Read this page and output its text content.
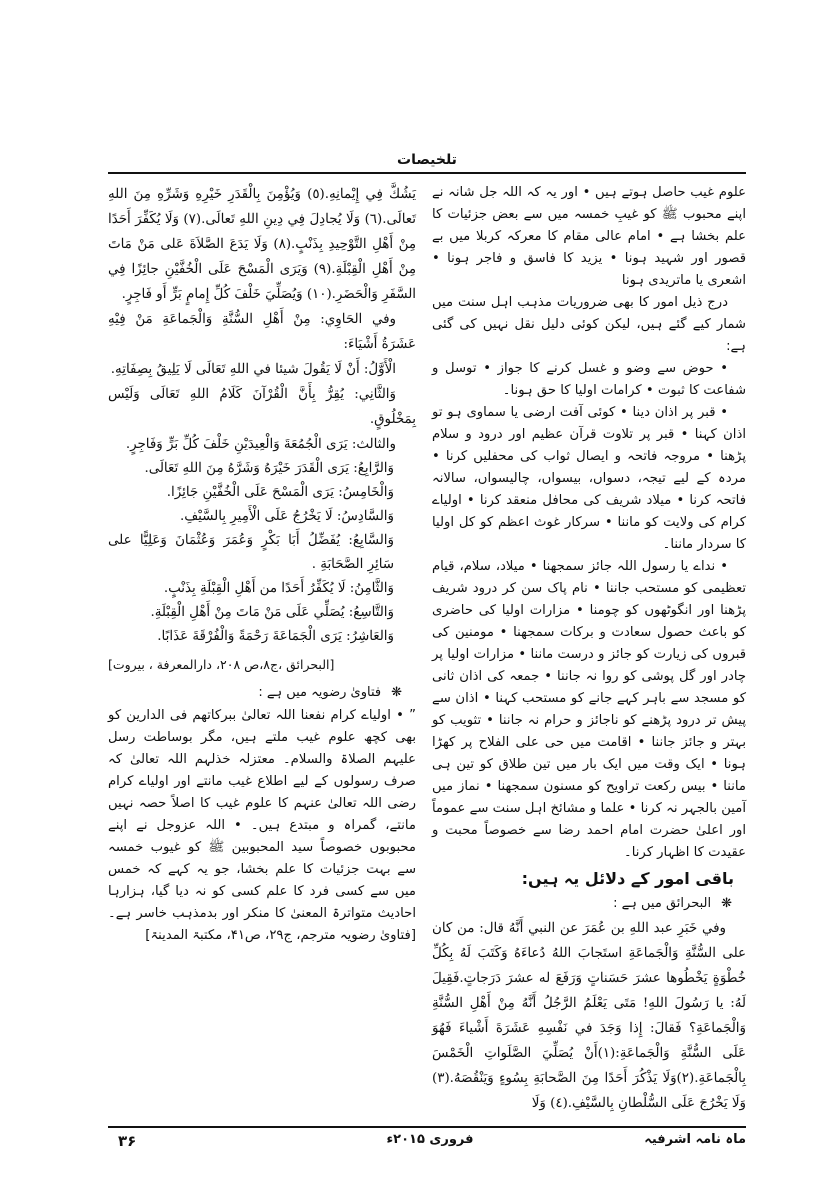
تلخیصات

علوم غیب حاصل ہوتے ہیں • اور یہ کہ اللہ جل شانہ نے اپنے محبوب ﷺ کو غیبِ خمسہ میں سے بعض جزئیات کا علم بخشا ہے • امام عالی مقام کا معرکہ کربلا میں بے قصور اور شہید ہونا • یزید کا فاسق و فاجر ہونا • اشعری یا ماتریدی ہونا

درج ذیل امور کا بھی ضروریات مذہب اہل سنت میں شمار کیے گئے ہیں، لیکن کوئی دلیل نقل نہیں کی گئی ہے:

• حوض سے وضو و غسل کرنے کا جواز • توسل و شفاعت کا ثبوت • کرامات اولیا کا حق ہونا۔

• قبر پر اذان دینا • کوئی آفت ارضی یا سماوی ہو تو اذان کہنا • قبر پر تلاوت قرآن عظیم اور درود و سلام پڑھنا • مروجہ فاتحہ و ایصال ثواب کی محفلیں کرنا • مردہ کے لیے تیجہ، دسواں، بیسواں، چالیسواں، سالانہ فاتحہ کرنا • میلاد شریف کی محافل منعقد کرنا • اولیاے کرام کی ولایت کو ماننا • سرکار غوث اعظم کو کل اولیا کا سردار ماننا۔

• نداے یا رسول اللہ جائز سمجھنا • میلاد، سلام، قیام تعظیمی کو مستحب جاننا • نام پاک سن کر درود شریف پڑھنا اور انگوٹھوں کو چومنا • مزارات اولیا کی حاضری کو باعث حصول سعادت و برکات سمجھنا • مومنین کی قبروں کی زیارت کو جائز و درست ماننا • مزارات اولیا پر چادر اور گل پوشی کو روا نہ جاننا • جمعہ کی اذان ثانی کو مسجد سے باہر کہے جانے کو مستحب کہنا • اذان سے پیش تر درود پڑھنے کو ناجائز و حرام نہ جاننا • تثویب کو بہتر و جائز جاننا • اقامت میں حی علی الفلاح پر کھڑا ہونا • ایک وقت میں ایک بار میں تین طلاق کو تین ہی ماننا • بیس رکعت تراویح کو مسنون سمجھنا • نماز میں آمین بالجہر نہ کرنا • علما و مشائخ اہل سنت سے عموماً اور اعلیٰ حضرت امام احمد رضا سے خصوصاً محبت و عقیدت کا اظہار کرنا۔

باقی امور کے دلائل یہ ہیں:
❋البحرائق میں ہے :

وفي خَبَرِ عبد اللهِ بن عُمَرَ عن النبي أَنَّهُ قال: من كان على السُّنَّةِ وَالْجَماعَةِ استَجابَ اللهُ دُعاءَهُ وَكَتَبَ لَهُ بِكُلِّ خُطْوَةٍ يَخْطُوها عشرَ حَسَناتٍ وَرَفَعَ له عشرَ دَرَجاتٍ.فَقِيلَ لَهُ: يا رَسُولَ اللهِ! مَتَى يَعْلَمُ الرَّجُلُ أَنَّهُ مِنْ أَهْلِ السُّنَّةِ وَالْجَماعَةِ؟ فَقالَ: إِذا وَجَدَ في نَفْسِهِ عَشَرَةَ أَشْياءَ فَهُوَ عَلَى السُّنَّةِ وَالْجَماعَةِ:(١)أَنْ يُصَلِّيَ الصَّلَواتِ الْخَمْسَ بِالْجَماعَةِ.(٢)وَلَا يَذْكُرَ أَحَدًا مِنَ الصَّحابَةِ بِسُوءٍ وَيَنْقُصَهُ.(٣) وَلَا يَخْرُجَ عَلَى السُّلْطانِ بِالسَّيْفِ.(٤) وَلَا

يَشُكَّ فِي إِيْمانِهِ.(٥) وَيُؤْمِنَ بِالْقَدَرِ خَيْرِهِ وَشَرِّهِ مِنَ اللهِ تَعالَى.(٦) وَلَا يُجادِلَ فِي دِينِ اللهِ تَعالَى.(٧) وَلَا يُكَفِّرَ أَحَدًا مِنْ أَهْلِ التَّوْحِيدِ بِذَنْبٍ.(٨) وَلَا يَدَعَ الصَّلاَةَ عَلى مَنْ مَاتَ مِنْ أَهْلِ الْقِبْلَةِ.(٩) وَيَرَى الْمَسْحَ عَلَى الْخُفَّيْنِ جائِزًا فِي السَّفَرِ وَالْحَضَرِ.(١٠) وَيُصَلِّيَ خَلْفَ كُلِّ إِمامٍ بَرٍّ أَو فَاجِرٍ.

وفي الحَاوِي: مِنْ أَهْلِ السُّنَّةِ وَالْجَماعَةِ مَنْ فِيْهِ عَشَرَةُ أَشْيَاءَ:

الْأَوَّلُ: أَنْ لَا يَقُولَ شيئا في اللهِ تَعَالَى لَا يَلِيقُ بِصِفَاتِهِ.

وَالثَّانِي: يُقِرُّ بِأَنَّ الْقُرْآنَ كَلَامُ اللهِ تَعَالَى وَلَيْس بِمَخْلُوقٍ.

والثالث: يَرَى الْجُمُعَةَ وَالْعِيدَيْنِ خَلْفَ كُلِّ بَرٍّ وَفَاجِرٍ.

وَالرَّابِعُ: يَرَى الْقَدَرَ خَيْرَهُ وَشَرَّهُ مِنَ اللهِ تَعَالَى.

وَالْخَامِسُ: يَرَى الْمَسْحَ عَلَى الْخُفَّيْنِ جَائِزًا.

وَالسَّادِسُ: لَا يَخْرُجُ عَلَى الْأَمِيرِ بِالسَّيْفِ.

وَالسَّابِعُ: يُفَضِّلُ أَبَا بَكْرٍ وَعُمَرَ وَعُثْمَانَ وَعَلِيًّا على سَائِرِ الصَّحَابَةِ .

وَالثَّامِنُ: لَا يُكَفِّرُ أَحَدًا من أَهْلِ الْقِبْلَةِ بِذَنْبٍ.

وَالتَّاسِعُ: يُصَلِّي عَلَى مَنْ مَاتَ مِنْ أَهْلِ الْقِبْلَةِ.

وَالعَاشِرُ: يَرَى الْجَمَاعَةَ رَحْمَةً وَالْفُرْقَةَ عَذَابًا.

[البحرائق ،ج٨،ص ٢٠٨، دارالمعرفة ، بيروت]
❋فتاویٰ رضویہ میں ہے :

” • اولیاے کرام نفعنا اللہ تعالیٰ ببرکاتھم فی الدارین کو بھی کچھ علوم غیب ملتے ہیں، مگر بوساطت رسل علیہم الصلاۃ والسلام۔ معتزلہ خذلہم اللہ تعالیٰ کہ صرف رسولوں کے لیے اطلاع غیب مانتے اور اولیاے کرام رضی اللہ تعالیٰ عنہم کا علوم غیب کا اصلاً حصہ نہیں مانتے، گمراہ و مبتدع ہیں۔ • اللہ عزوجل نے اپنے محبوبوں خصوصاً سید المحبوبین ﷺ کو غیوب خمسہ سے بہت جزئیات کا علم بخشا، جو یہ کہے کہ خمس میں سے کسی فرد کا علم کسی کو نہ دیا گیا، ہزارہا احادیث متواترۃ المعنیٰ کا منکر اور بدمذہب خاسر ہے۔[فتاویٰ رضویہ مترجم، ج۲۹، ص۴۱، مکتبۃ المدینۃ]

ماہ نامہ اشرفیہ
فروری ۲۰۱۵ء
۳۶
